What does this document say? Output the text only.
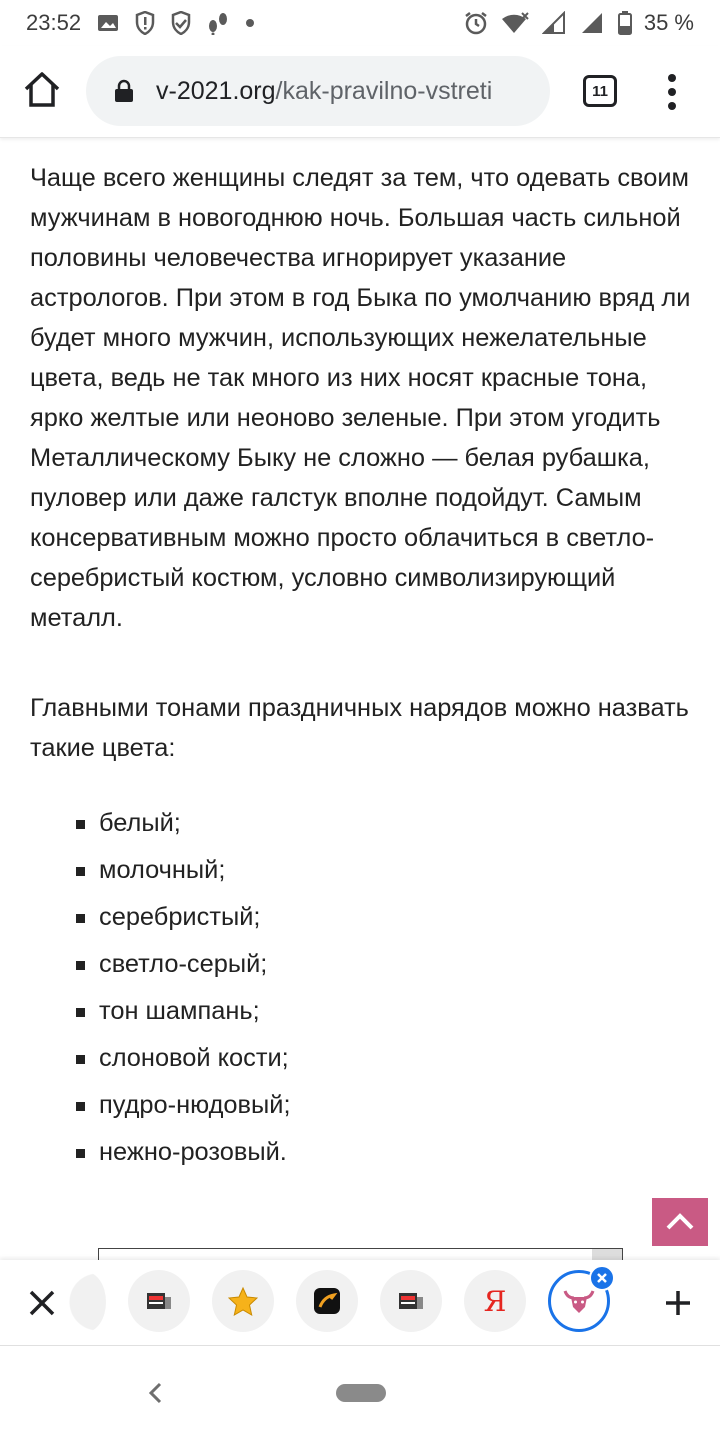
23:52	35 %
v-2021.org/kak-pravilno-vstreti	11

Чаще всего женщины следят за тем, что одевать своим мужчинам в новогоднюю ночь. Большая часть сильной половины человечества игнорирует указание астрологов. При этом в год Быка по умолчанию вряд ли будет много мужчин, использующих нежелательные цвета, ведь не так много из них носят красные тона, ярко желтые или неоново зеленые. При этом угодить Металлическому Быку не сложно — белая рубашка, пуловер или даже галстук вполне подойдут. Самым консервативным можно просто облачиться в светло-серебристый костюм, условно символизирующий металл.

Главными тонами праздничных нарядов можно назвать такие цвета:

белый;
молочный;
серебристый;
светло-серый;
тон шампань;
слоновой кости;
пудро-нюдовый;
нежно-розовый.
Я
